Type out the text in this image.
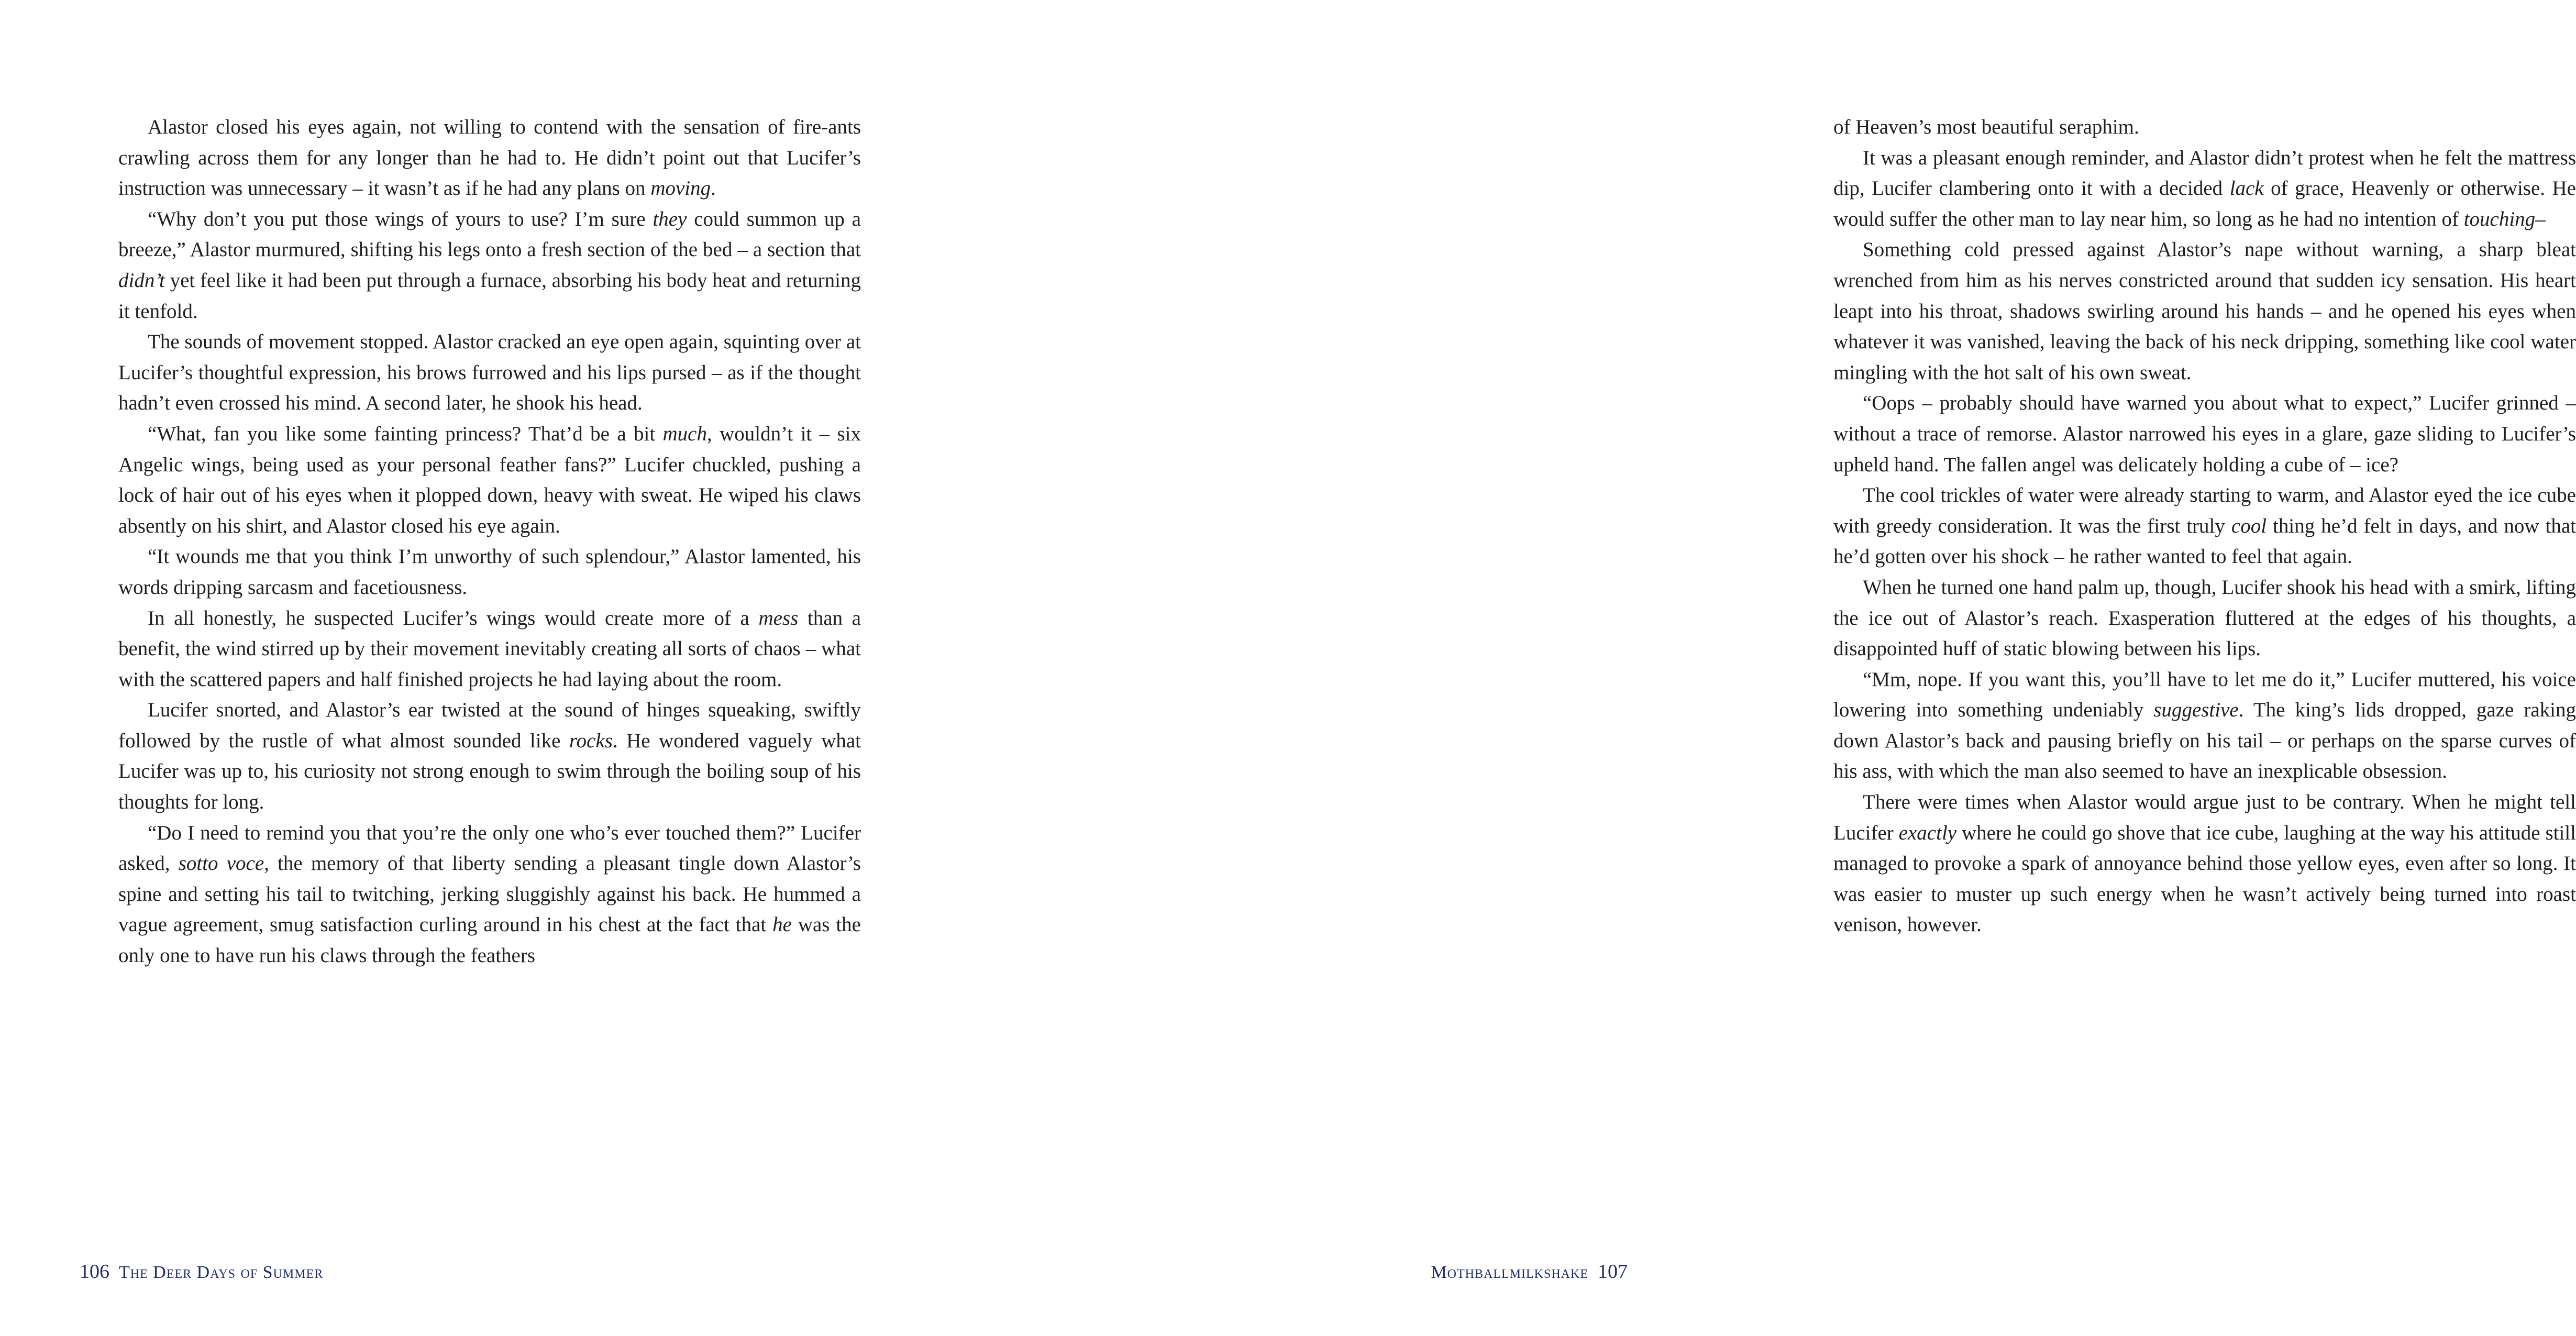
Alastor closed his eyes again, not willing to contend with the sensation of fire-ants crawling across them for any longer than he had to. He didn’t point out that Lucifer’s instruction was unnecessary – it wasn’t as if he had any plans on moving.

“Why don’t you put those wings of yours to use? I’m sure they could summon up a breeze,” Alastor murmured, shifting his legs onto a fresh section of the bed – a section that didn’t yet feel like it had been put through a furnace, absorbing his body heat and returning it tenfold.

The sounds of movement stopped. Alastor cracked an eye open again, squinting over at Lucifer’s thoughtful expression, his brows furrowed and his lips pursed – as if the thought hadn’t even crossed his mind. A second later, he shook his head.

“What, fan you like some fainting princess? That’d be a bit much, wouldn’t it – six Angelic wings, being used as your personal feather fans?” Lucifer chuckled, pushing a lock of hair out of his eyes when it plopped down, heavy with sweat. He wiped his claws absently on his shirt, and Alastor closed his eye again.

“It wounds me that you think I’m unworthy of such splendour,” Alastor lamented, his words dripping sarcasm and facetiousness.

In all honestly, he suspected Lucifer’s wings would create more of a mess than a benefit, the wind stirred up by their movement inevitably creating all sorts of chaos – what with the scattered papers and half finished projects he had laying about the room.

Lucifer snorted, and Alastor’s ear twisted at the sound of hinges squeaking, swiftly followed by the rustle of what almost sounded like rocks. He wondered vaguely what Lucifer was up to, his curiosity not strong enough to swim through the boiling soup of his thoughts for long.

“Do I need to remind you that you’re the only one who’s ever touched them?” Lucifer asked, sotto voce, the memory of that liberty sending a pleasant tingle down Alastor’s spine and setting his tail to twitching, jerking sluggishly against his back. He hummed a vague agreement, smug satisfaction curling around in his chest at the fact that he was the only one to have run his claws through the feathers

106 The Deer Days of Summer

of Heaven’s most beautiful seraphim.

It was a pleasant enough reminder, and Alastor didn’t protest when he felt the mattress dip, Lucifer clambering onto it with a decided lack of grace, Heavenly or otherwise. He would suffer the other man to lay near him, so long as he had no intention of touching–

Something cold pressed against Alastor’s nape without warning, a sharp bleat wrenched from him as his nerves constricted around that sudden icy sensation. His heart leapt into his throat, shadows swirling around his hands – and he opened his eyes when whatever it was vanished, leaving the back of his neck dripping, something like cool water mingling with the hot salt of his own sweat.

“Oops – probably should have warned you about what to expect,” Lucifer grinned – without a trace of remorse. Alastor narrowed his eyes in a glare, gaze sliding to Lucifer’s upheld hand. The fallen angel was delicately holding a cube of – ice?

The cool trickles of water were already starting to warm, and Alastor eyed the ice cube with greedy consideration. It was the first truly cool thing he’d felt in days, and now that he’d gotten over his shock – he rather wanted to feel that again.

When he turned one hand palm up, though, Lucifer shook his head with a smirk, lifting the ice out of Alastor’s reach. Exasperation fluttered at the edges of his thoughts, a disappointed huff of static blowing between his lips.

“Mm, nope. If you want this, you’ll have to let me do it,” Lucifer muttered, his voice lowering into something undeniably suggestive. The king’s lids dropped, gaze raking down Alastor’s back and pausing briefly on his tail – or perhaps on the sparse curves of his ass, with which the man also seemed to have an inexplicable obsession.

There were times when Alastor would argue just to be contrary. When he might tell Lucifer exactly where he could go shove that ice cube, laughing at the way his attitude still managed to provoke a spark of annoyance behind those yellow eyes, even after so long. It was easier to muster up such energy when he wasn’t actively being turned into roast venison, however.

Mothballmilkshake 107
